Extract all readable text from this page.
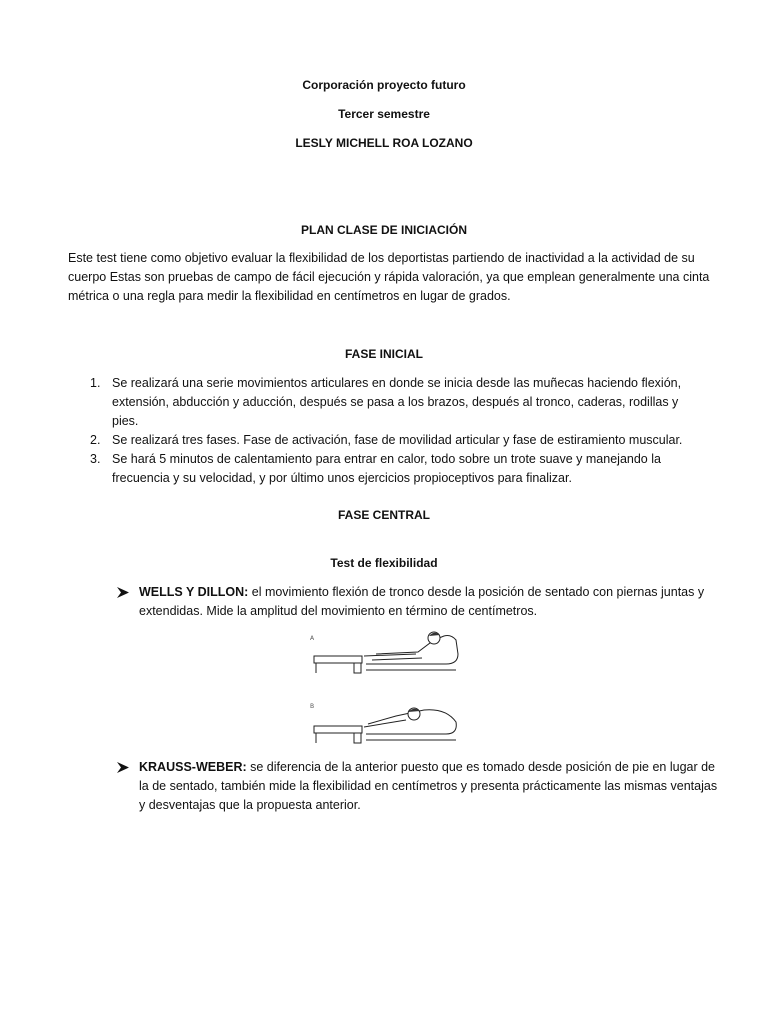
Corporación proyecto futuro
Tercer semestre
LESLY MICHELL ROA LOZANO
PLAN CLASE DE INICIACIÓN
Este test tiene como objetivo evaluar la flexibilidad de los deportistas partiendo de inactividad a la actividad de su cuerpo Estas son pruebas de campo de fácil ejecución y rápida valoración, ya que emplean generalmente una cinta métrica o una regla para medir la flexibilidad en centímetros en lugar de grados.
FASE INICIAL
1. Se realizará una serie movimientos articulares en donde se inicia desde las muñecas haciendo flexión, extensión, abducción y aducción, después se pasa a los brazos, después al tronco, caderas, rodillas y pies.
2. Se realizará tres fases. Fase de activación, fase de movilidad articular y fase de estiramiento muscular.
3. Se hará 5 minutos de calentamiento para entrar en calor, todo sobre un trote suave y manejando la frecuencia y su velocidad, y por último unos ejercicios propioceptivos para finalizar.
FASE CENTRAL
Test de flexibilidad
WELLS Y DILLON: el movimiento flexión de tronco desde la posición de sentado con piernas juntas y extendidas. Mide la amplitud del movimiento en término de centímetros.
A
B
KRAUSS-WEBER: se diferencia de la anterior puesto que es tomado desde posición de pie en lugar de la de sentado, también mide la flexibilidad en centímetros y presenta prácticamente las mismas ventajas y desventajas que la propuesta anterior.
